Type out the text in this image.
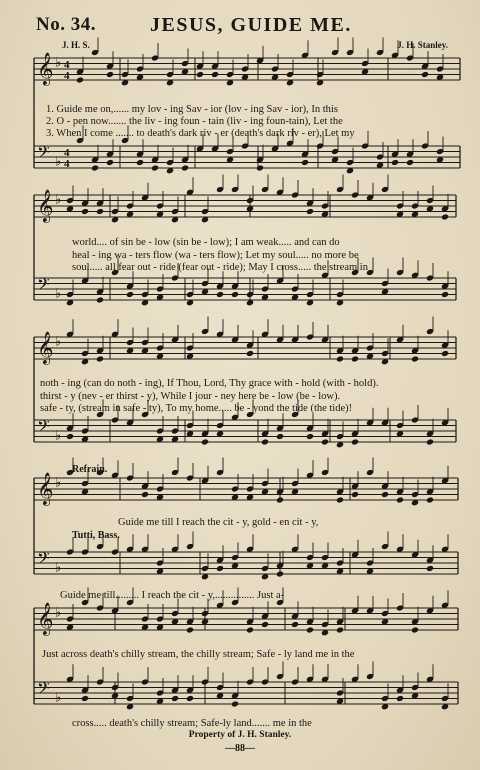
No. 34.	JESUS, GUIDE ME.
J. H. S.	J. H. Stanley.
𝄞 ♭ 4
4
𝄢 ♭
4
4
𝄞 ♭
𝄢 ♭
𝄞 ♭
𝄢 ♭
𝄞 ♭
𝄢 ♭
𝄞 ♭
𝄢 ♭
1. Guide me on,...... my lov - ing Sav - ior (lov - ing Sav - ior), In this
2. O - pen now....... the liv - ing foun - tain (liv - ing foun-tain), Let the
3. When I come ....... to death's dark riv - er (death's dark riv - er), Let my
world.... of sin be - low (sin be - low); I am weak..... and can do
heal - ing wa - ters flow (wa - ters flow); Let my soul..... no more be
soul..... all fear out - ride (fear out - ride); May I cross..... the stream in
noth - ing (can do noth - ing), If Thou, Lord, Thy grace with - hold (with - hold).
thirst - y (nev - er thirst - y), While I jour - ney here be - low (be - low).
safe - ty, (stream in safe - ty), To my home..... be - yond the tide (the tide)!
Refrain.
Guide me till I reach the cit - y, gold - en cit - y,
Tutti, Bass.
Guide me till......... I reach the cit - y,............... Just a-
Just across death's chilly stream, the chilly stream; Safe - ly land me in the
cross..... death's chilly stream; Safe-ly land....... me in the
Property of J. H. Stanley.
—88—
